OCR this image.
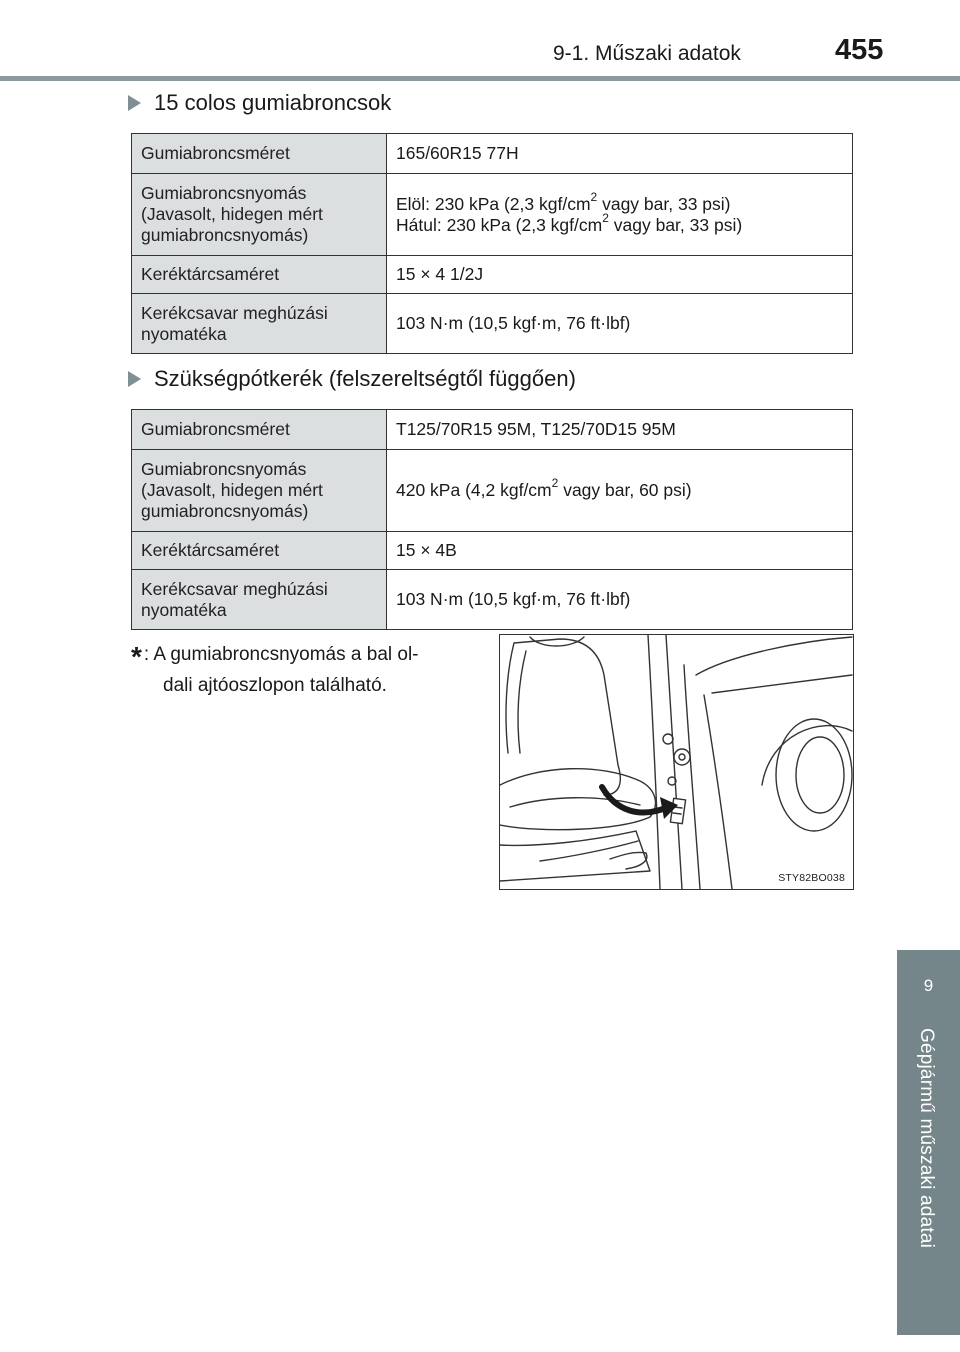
9-1. Műszaki adatok	455
15 colos gumiabroncsok
Gumiabroncsméret	165/60R15 77H
Gumiabroncsnyomás
(Javasolt, hidegen mért
gumiabroncsnyomás)	Elöl: 230 kPa (2,3 kgf/$cm^2$ vagy bar, 33 psi)
Hátul: 230 kPa (2,3 kgf/$cm^2$ vagy bar, 33 psi)
Keréktárcsaméret	15 × 4 1/2J
Kerékcsavar meghúzási
nyomatéka	103 N·m (10,5 kgf·m, 76 ft·lbf)
Szükségpótkerék (felszereltségtől függően)
Gumiabroncsméret	T125/70R15 95M, T125/70D15 95M
Gumiabroncsnyomás
(Javasolt, hidegen mért
gumiabroncsnyomás)	420 kPa (4,2 kgf/$cm^2$ vagy bar, 60 psi)
Keréktárcsaméret	15 × 4B
Kerékcsavar meghúzási
nyomatéka	103 N·m (10,5 kgf·m, 76 ft·lbf)
* : A gumiabroncsnyomás a bal ol-
dali ajtóoszlopon található.
STY82BO038
9
Gépjármű műszaki adatai
